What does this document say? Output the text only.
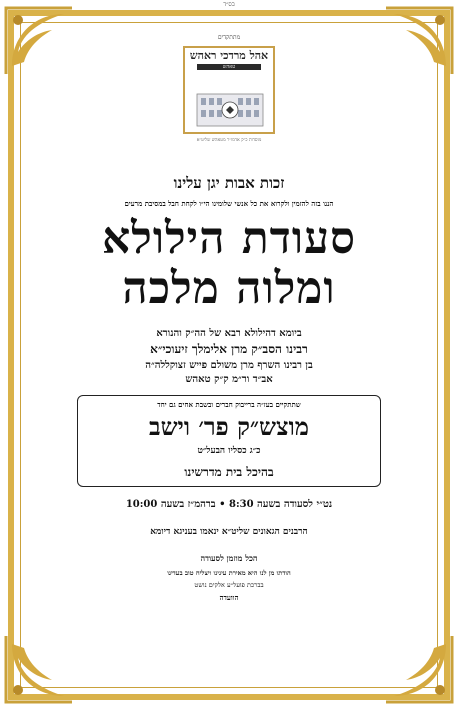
בס״ד
מתתקדים
אהל מרדכי ראהש
טאהש
מוסדות כ״ק אדמו״ר מטאהש שליט״א
זכות אבות יגן עלינו
הננו בזה להזמין ולקרוא את כל אנשי שלומינו הי״ו לקחת חבל במסיבת מרעים
סעודת הילולא
ומלוה מלכה
ביומא דהילולא רבא של הה״ק והנורא
רבינו הסב״ק מרן אלימלך זיעוכי״א
בן רבינו השרף מרן משולם פייש זצוקללה״ה
אב״ד ור״מ ק״ק טאהש
שתתקיים בעז״ה ברייבוק חברים ובשבת אחים גם יחד
מוצש״ק פר׳ וישב
כ״ג כסליו הבעל״ט
בהיכל בית מדרשינו
נט״י לסעודה בשעה 8:30 • ברהמ״ז בשעה 10:00
הרבנים הגאונים שליט״א ינאמו בעניגא דיומא
הכל מוזמן לסעודה
הודתו מן לנו היא מאירת עינינו ויצליח טוב בעדינו
בברכת פועל״ע אלקים נושט
הוועדה
